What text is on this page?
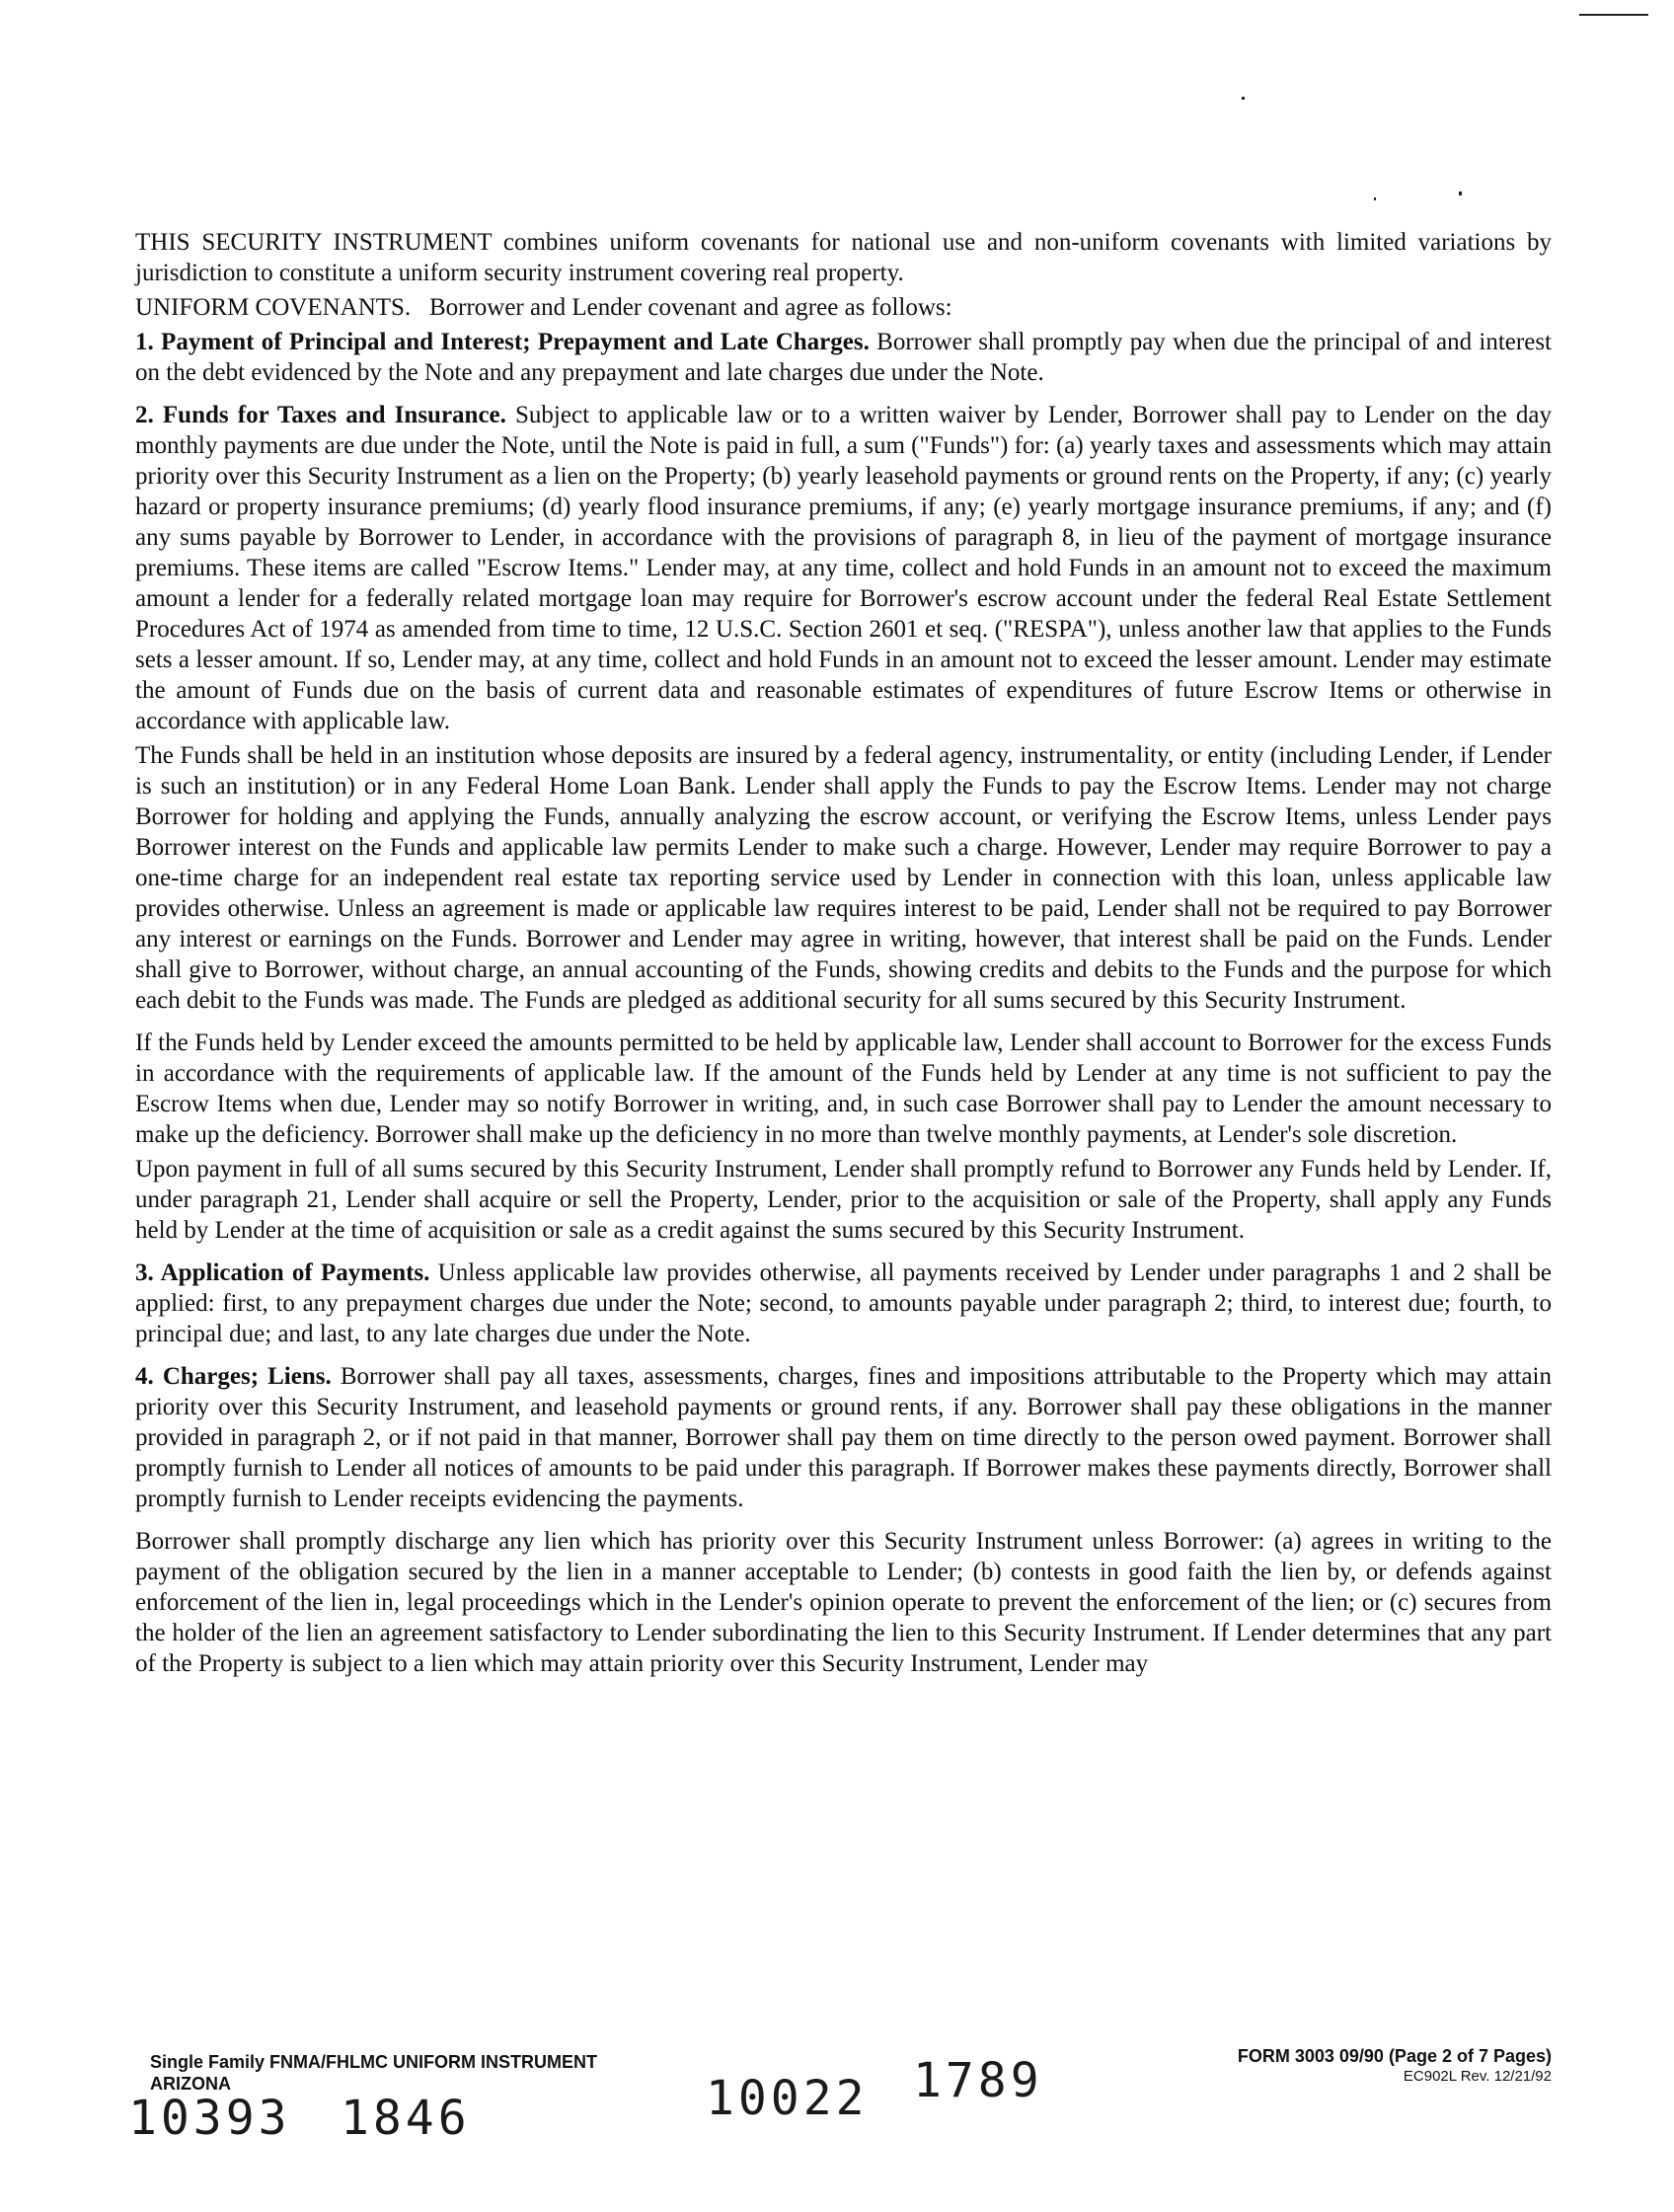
THIS SECURITY INSTRUMENT combines uniform covenants for national use and non-uniform covenants with limited variations by jurisdiction to constitute a uniform security instrument covering real property.

UNIFORM COVENANTS. Borrower and Lender covenant and agree as follows:

1. Payment of Principal and Interest; Prepayment and Late Charges. Borrower shall promptly pay when due the principal of and interest on the debt evidenced by the Note and any prepayment and late charges due under the Note.

2. Funds for Taxes and Insurance. Subject to applicable law or to a written waiver by Lender, Borrower shall pay to Lender on the day monthly payments are due under the Note, until the Note is paid in full, a sum ("Funds") for: (a) yearly taxes and assessments which may attain priority over this Security Instrument as a lien on the Property; (b) yearly leasehold payments or ground rents on the Property, if any; (c) yearly hazard or property insurance premiums; (d) yearly flood insurance premiums, if any; (e) yearly mortgage insurance premiums, if any; and (f) any sums payable by Borrower to Lender, in accordance with the provisions of paragraph 8, in lieu of the payment of mortgage insurance premiums. These items are called "Escrow Items." Lender may, at any time, collect and hold Funds in an amount not to exceed the maximum amount a lender for a federally related mortgage loan may require for Borrower's escrow account under the federal Real Estate Settlement Procedures Act of 1974 as amended from time to time, 12 U.S.C. Section 2601 et seq. ("RESPA"), unless another law that applies to the Funds sets a lesser amount. If so, Lender may, at any time, collect and hold Funds in an amount not to exceed the lesser amount. Lender may estimate the amount of Funds due on the basis of current data and reasonable estimates of expenditures of future Escrow Items or otherwise in accordance with applicable law.

The Funds shall be held in an institution whose deposits are insured by a federal agency, instrumentality, or entity (including Lender, if Lender is such an institution) or in any Federal Home Loan Bank. Lender shall apply the Funds to pay the Escrow Items. Lender may not charge Borrower for holding and applying the Funds, annually analyzing the escrow account, or verifying the Escrow Items, unless Lender pays Borrower interest on the Funds and applicable law permits Lender to make such a charge. However, Lender may require Borrower to pay a one-time charge for an independent real estate tax reporting service used by Lender in connection with this loan, unless applicable law provides otherwise. Unless an agreement is made or applicable law requires interest to be paid, Lender shall not be required to pay Borrower any interest or earnings on the Funds. Borrower and Lender may agree in writing, however, that interest shall be paid on the Funds. Lender shall give to Borrower, without charge, an annual accounting of the Funds, showing credits and debits to the Funds and the purpose for which each debit to the Funds was made. The Funds are pledged as additional security for all sums secured by this Security Instrument.

If the Funds held by Lender exceed the amounts permitted to be held by applicable law, Lender shall account to Borrower for the excess Funds in accordance with the requirements of applicable law. If the amount of the Funds held by Lender at any time is not sufficient to pay the Escrow Items when due, Lender may so notify Borrower in writing, and, in such case Borrower shall pay to Lender the amount necessary to make up the deficiency. Borrower shall make up the deficiency in no more than twelve monthly payments, at Lender's sole discretion.

Upon payment in full of all sums secured by this Security Instrument, Lender shall promptly refund to Borrower any Funds held by Lender. If, under paragraph 21, Lender shall acquire or sell the Property, Lender, prior to the acquisition or sale of the Property, shall apply any Funds held by Lender at the time of acquisition or sale as a credit against the sums secured by this Security Instrument.

3. Application of Payments. Unless applicable law provides otherwise, all payments received by Lender under paragraphs 1 and 2 shall be applied: first, to any prepayment charges due under the Note; second, to amounts payable under paragraph 2; third, to interest due; fourth, to principal due; and last, to any late charges due under the Note.

4. Charges; Liens. Borrower shall pay all taxes, assessments, charges, fines and impositions attributable to the Property which may attain priority over this Security Instrument, and leasehold payments or ground rents, if any. Borrower shall pay these obligations in the manner provided in paragraph 2, or if not paid in that manner, Borrower shall pay them on time directly to the person owed payment. Borrower shall promptly furnish to Lender all notices of amounts to be paid under this paragraph. If Borrower makes these payments directly, Borrower shall promptly furnish to Lender receipts evidencing the payments.

Borrower shall promptly discharge any lien which has priority over this Security Instrument unless Borrower: (a) agrees in writing to the payment of the obligation secured by the lien in a manner acceptable to Lender; (b) contests in good faith the lien by, or defends against enforcement of the lien in, legal proceedings which in the Lender's opinion operate to prevent the enforcement of the lien; or (c) secures from the holder of the lien an agreement satisfactory to Lender subordinating the lien to this Security Instrument. If Lender determines that any part of the Property is subject to a lien which may attain priority over this Security Instrument, Lender may

Single Family FNMA/FHLMC UNIFORM INSTRUMENT
ARIZONA
FORM 3003 09/90 (Page 2 of 7 Pages)
EC902L Rev. 12/21/92
10393 1846	10022 1789
